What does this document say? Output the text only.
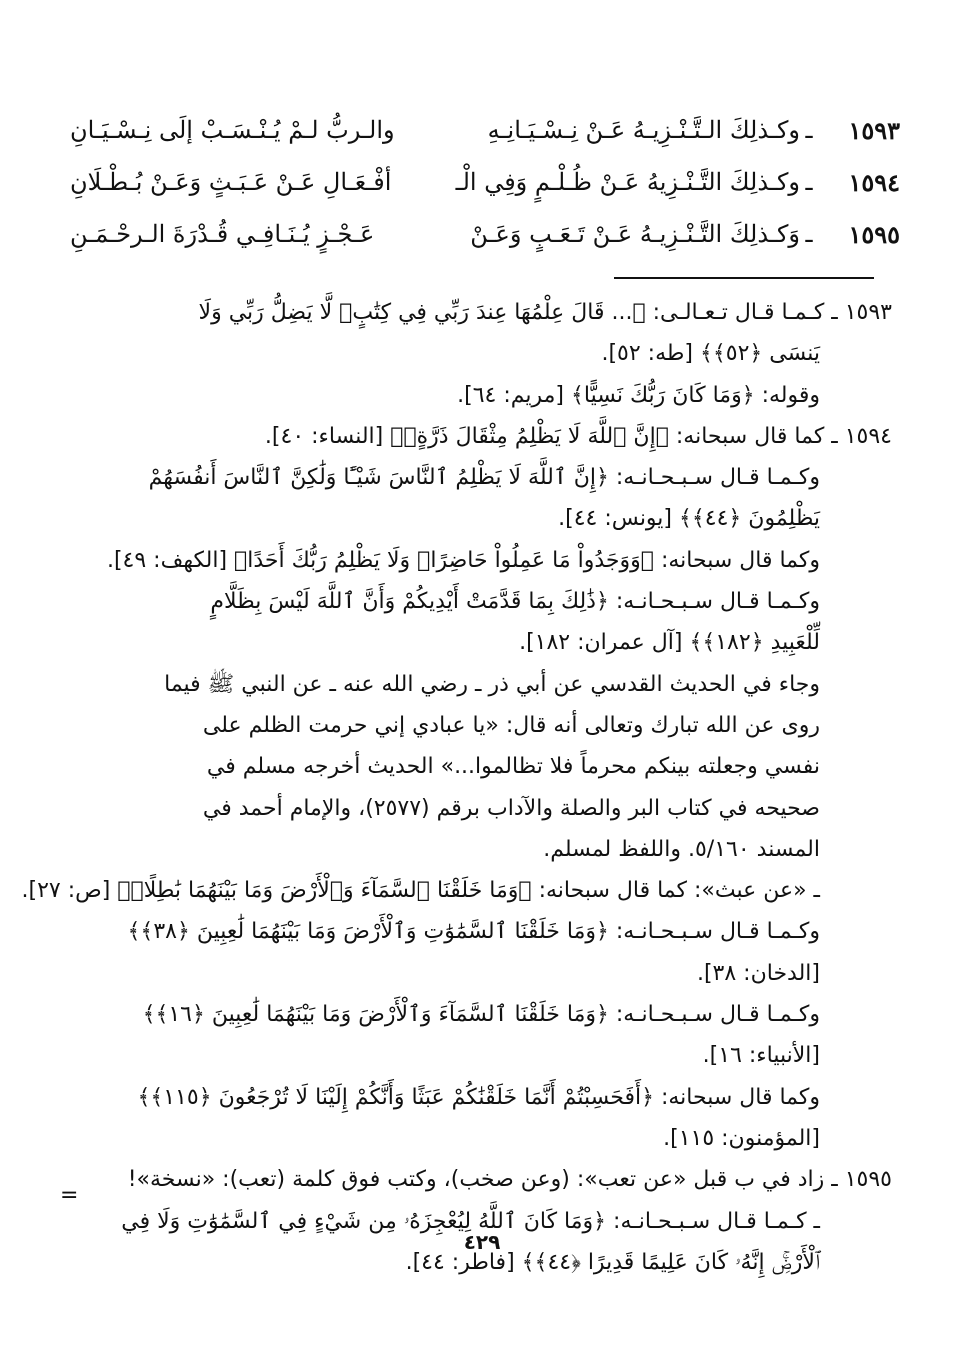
١٥٩٣
ـ
وكـذلِكَ الـتَّـنْـزِيـهُ عَـنْ نِـسْـيَـانِـهِ
والـربُّ لـمْ يُـنْـسَـبْ إلَى نِـسْـيَـانِ
١٥٩٤
ـ
وكـذلِكَ التَّـنْـزِيهُ عَـنْ ظُـلْـمٍ وَفِي الْـ
أفْـعَـالِ عَـنْ عَـبَـثٍ وَعَـنْ بُـطْـلَانِ
١٥٩٥
ـ
وَكـذلِكَ التَّـنْـزِيـهُ عَـنْ تَـعَـبٍ وَعَـنْ
عَـجْـزٍ يُـنَـافِـي قُـدْرَةَ الـرحْـمَـنِ
١٥٩٣ ـ كـمـا قـال تـعـالـى: ﴿... قَالَ عِلْمُهَا عِندَ رَبِّي فِي كِتَٰبٍۖ لَّا يَضِلُّ رَبِّي وَلَا
يَنسَى ﴿٥٢﴾﴾ [طه: ٥٢].
وقوله: ﴿وَمَا كَانَ رَبُّكَ نَسِيًّا﴾ [مريم: ٦٤].
١٥٩٤ ـ كما قال سبحانه: ﴿إِنَّ ٱللَّهَ لَا يَظْلِمُ مِثْقَالَ ذَرَّةٍۖ﴾ [النساء: ٤٠].
وكـمـا قـال سـبـحـانـه: ﴿إِنَّ ٱللَّهَ لَا يَظْلِمُ ٱلنَّاسَ شَيْـًٔا وَلَٰكِنَّ ٱلنَّاسَ أَنفُسَهُمْ
يَظْلِمُونَ ﴿٤٤﴾﴾ [يونس: ٤٤].
وكما قال سبحانه: ﴿وَوَجَدُواْ مَا عَمِلُواْ حَاضِرًاۗ وَلَا يَظْلِمُ رَبُّكَ أَحَدًا﴾ [الكهف: ٤٩].
وكـمـا قـال سـبـحـانـه: ﴿ذَٰلِكَ بِمَا قَدَّمَتْ أَيْدِيكُمْ وَأَنَّ ٱللَّهَ لَيْسَ بِظَلَّامٍ
لِّلْعَبِيدِ ﴿١٨٢﴾﴾ [آل عمران: ١٨٢].
وجاء في الحديث القدسي عن أبي ذر ـ رضي الله عنه ـ عن النبي ﷺ فيما
روى عن الله تبارك وتعالى أنه قال: «يا عبادي إني حرمت الظلم على
نفسي وجعلته بينكم محرماً فلا تظالموا...» الحديث أخرجه مسلم في
صحيحه في كتاب البر والصلة والآداب برقم (٢٥٧٧)، والإمام أحمد في
المسند ٥/١٦٠. واللفظ لمسلم.
ـ «عن عبث»: كما قال سبحانه: ﴿وَمَا خَلَقْنَا ٱلسَّمَآءَ وَٱلْأَرْضَ وَمَا بَيْنَهُمَا بَٰطِلًاۚ﴾ [ص: ٢٧].
وكـمـا قـال سـبـحـانـه: ﴿وَمَا خَلَقْنَا ٱلسَّمَٰوَٰتِ وَٱلْأَرْضَ وَمَا بَيْنَهُمَا لَٰعِبِينَ ﴿٣٨﴾﴾
[الدخان: ٣٨].
وكـمـا قـال سـبـحـانـه: ﴿وَمَا خَلَقْنَا ٱلسَّمَآءَ وَٱلْأَرْضَ وَمَا بَيْنَهُمَا لَٰعِبِينَ ﴿١٦﴾﴾
[الأنبياء: ١٦].
وكما قال سبحانه: ﴿أَفَحَسِبْتُمْ أَنَّمَا خَلَقْنَٰكُمْ عَبَثًا وَأَنَّكُمْ إِلَيْنَا لَا تُرْجَعُونَ ﴿١١٥﴾﴾
[المؤمنون: ١١٥].
١٥٩٥ ـ زاد في ب قبل «عن تعب»: (وعن صخب)، وكتب فوق كلمة (تعب): «نسخة»!
ـ كـمـا قـال سـبـحـانـه: ﴿وَمَا كَانَ ٱللَّهُ لِيُعْجِزَهُۥ مِن شَيْءٍ فِي ٱلسَّمَٰوَٰتِ وَلَا فِي
ٱلْأَرْضِۚ إِنَّهُۥ كَانَ عَلِيمًا قَدِيرًا ﴿٤٤﴾﴾ [فاطر: ٤٤].
=
٤٢٩
